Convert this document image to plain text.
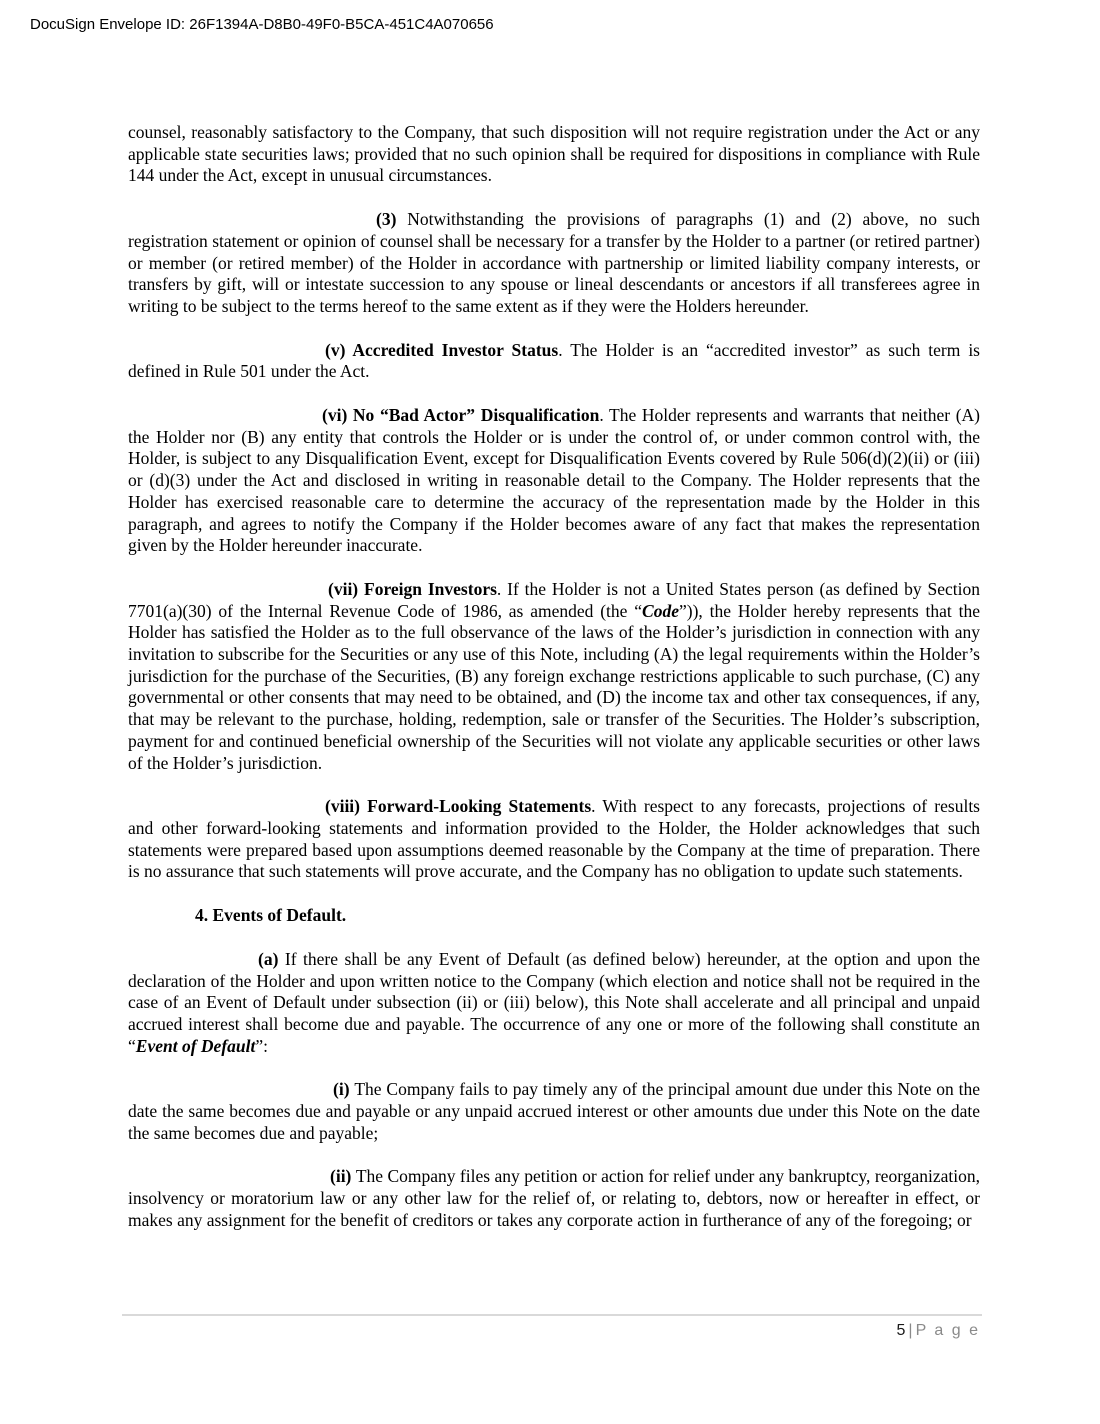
DocuSign Envelope ID: 26F1394A-D8B0-49F0-B5CA-451C4A070656

counsel, reasonably satisfactory to the Company, that such disposition will not require registration under the Act or any applicable state securities laws; provided that no such opinion shall be required for dispositions in compliance with Rule 144 under the Act, except in unusual circumstances.

(3) Notwithstanding the provisions of paragraphs (1) and (2) above, no such registration statement or opinion of counsel shall be necessary for a transfer by the Holder to a partner (or retired partner) or member (or retired member) of the Holder in accordance with partnership or limited liability company interests, or transfers by gift, will or intestate succession to any spouse or lineal descendants or ancestors if all transferees agree in writing to be subject to the terms hereof to the same extent as if they were the Holders hereunder.

(v) Accredited Investor Status. The Holder is an “accredited investor” as such term is defined in Rule 501 under the Act.

(vi) No “Bad Actor” Disqualification. The Holder represents and warrants that neither (A) the Holder nor (B) any entity that controls the Holder or is under the control of, or under common control with, the Holder, is subject to any Disqualification Event, except for Disqualification Events covered by Rule 506(d)(2)(ii) or (iii) or (d)(3) under the Act and disclosed in writing in reasonable detail to the Company. The Holder represents that the Holder has exercised reasonable care to determine the accuracy of the representation made by the Holder in this paragraph, and agrees to notify the Company if the Holder becomes aware of any fact that makes the representation given by the Holder hereunder inaccurate.

(vii) Foreign Investors. If the Holder is not a United States person (as defined by Section 7701(a)(30) of the Internal Revenue Code of 1986, as amended (the “Code”)), the Holder hereby represents that the Holder has satisfied the Holder as to the full observance of the laws of the Holder’s jurisdiction in connection with any invitation to subscribe for the Securities or any use of this Note, including (A) the legal requirements within the Holder’s jurisdiction for the purchase of the Securities, (B) any foreign exchange restrictions applicable to such purchase, (C) any governmental or other consents that may need to be obtained, and (D) the income tax and other tax consequences, if any, that may be relevant to the purchase, holding, redemption, sale or transfer of the Securities. The Holder’s subscription, payment for and continued beneficial ownership of the Securities will not violate any applicable securities or other laws of the Holder’s jurisdiction.

(viii) Forward-Looking Statements. With respect to any forecasts, projections of results and other forward-looking statements and information provided to the Holder, the Holder acknowledges that such statements were prepared based upon assumptions deemed reasonable by the Company at the time of preparation. There is no assurance that such statements will prove accurate, and the Company has no obligation to update such statements.

4. Events of Default.

(a) If there shall be any Event of Default (as defined below) hereunder, at the option and upon the declaration of the Holder and upon written notice to the Company (which election and notice shall not be required in the case of an Event of Default under subsection (ii) or (iii) below), this Note shall accelerate and all principal and unpaid accrued interest shall become due and payable. The occurrence of any one or more of the following shall constitute an “Event of Default”:

(i) The Company fails to pay timely any of the principal amount due under this Note on the date the same becomes due and payable or any unpaid accrued interest or other amounts due under this Note on the date the same becomes due and payable;

(ii) The Company files any petition or action for relief under any bankruptcy, reorganization, insolvency or moratorium law or any other law for the relief of, or relating to, debtors, now or hereafter in effect, or makes any assignment for the benefit of creditors or takes any corporate action in furtherance of any of the foregoing; or

5 | P a g e
